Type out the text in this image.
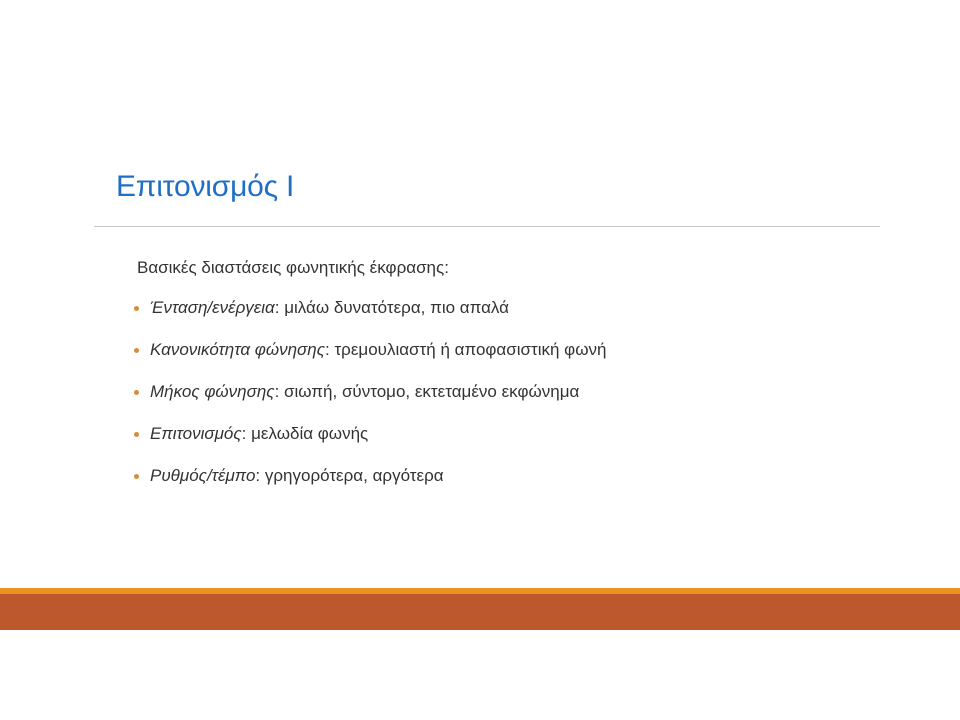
Επιτονισμός Ι
Βασικές διαστάσεις φωνητικής έκφρασης:
Ένταση/ενέργεια: μιλάω δυνατότερα, πιο απαλά
Κανονικότητα φώνησης: τρεμουλιαστή ή αποφασιστική φωνή
Μήκος φώνησης: σιωπή, σύντομο, εκτεταμένο εκφώνημα
Επιτονισμός: μελωδία φωνής
Ρυθμός/τέμπο: γρηγορότερα, αργότερα
